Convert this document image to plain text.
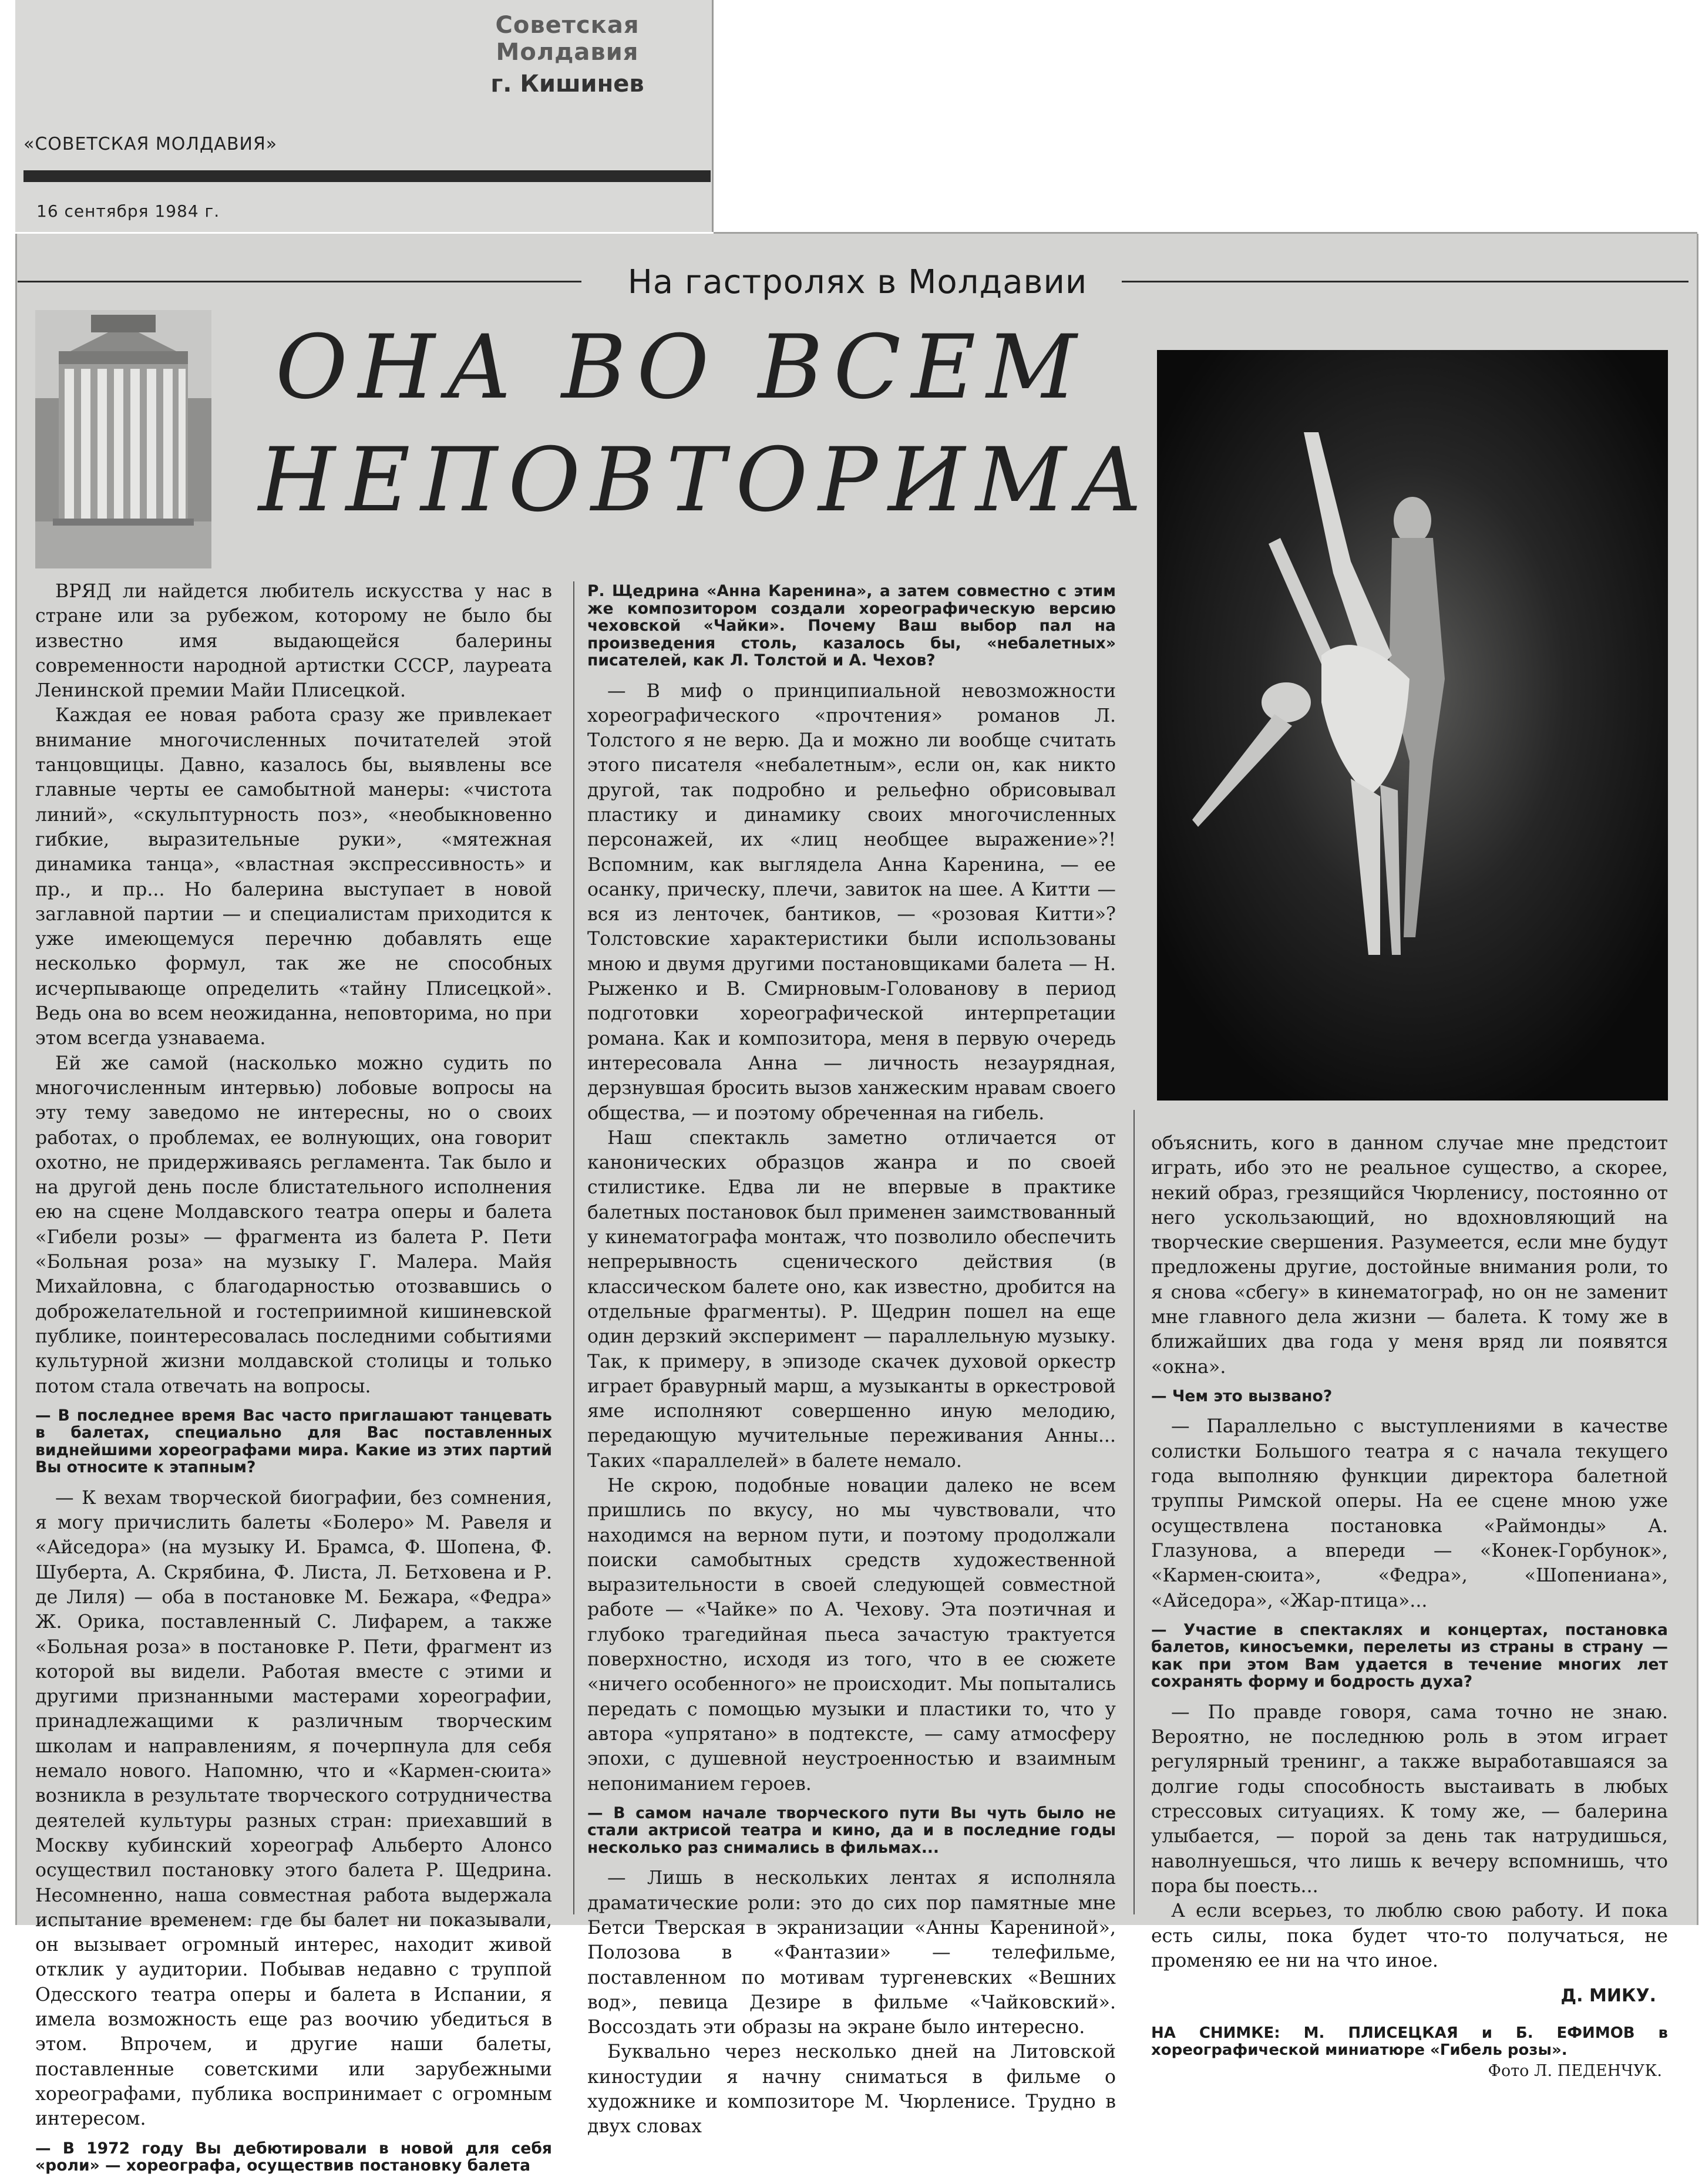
Советская Молдавия
г. Кишинев
«СОВЕТСКАЯ МОЛДАВИЯ»
16 сентября 1984 г.
На гастролях в Молдавии
ОНА ВО ВСЕМ
НЕПОВТОРИМА

ВРЯД ли найдется любитель искусства у нас в стране или за рубежом, которому не было бы известно имя выдающейся балерины современности народной артистки СССР, лауреата Ленинской премии Майи Плисецкой.

Каждая ее новая работа сразу же привлекает внимание многочисленных почитателей этой танцовщицы. Давно, казалось бы, выявлены все главные черты ее самобытной манеры: «чистота линий», «скульптурность поз», «необыкновенно гибкие, выразительные руки», «мятежная динамика танца», «властная экспрессивность» и пр., и пр... Но балерина выступает в новой заглавной партии — и специалистам приходится к уже имеющемуся перечню добавлять еще несколько формул, так же не способных исчерпывающе определить «тайну Плисецкой». Ведь она во всем неожиданна, неповторима, но при этом всегда узнаваема.

Ей же самой (насколько можно судить по многочисленным интервью) лобовые вопросы на эту тему заведомо не интересны, но о своих работах, о проблемах, ее волнующих, она говорит охотно, не придерживаясь регламента. Так было и на другой день после блистательного исполнения ею на сцене Молдавского театра оперы и балета «Гибели розы» — фрагмента из балета Р. Пети «Больная роза» на музыку Г. Малера. Майя Михайловна, с благодарностью отозвавшись о доброжелательной и гостеприимной кишиневской публике, поинтересовалась последними событиями культурной жизни молдавской столицы и только потом стала отвечать на вопросы.

— В последнее время Вас часто приглашают танцевать в балетах, специально для Вас поставленных виднейшими хореографами мира. Какие из этих партий Вы относите к этапным?

— К вехам творческой биографии, без сомнения, я могу причислить балеты «Болеро» М. Равеля и «Айседора» (на музыку И. Брамса, Ф. Шопена, Ф. Шуберта, А. Скрябина, Ф. Листа, Л. Бетховена и Р. де Лиля) — оба в постановке М. Бежара, «Федра» Ж. Орика, поставленный С. Лифарем, а также «Больная роза» в постановке Р. Пети, фрагмент из которой вы видели. Работая вместе с этими и другими признанными мастерами хореографии, принадлежащими к различным творческим школам и направлениям, я почерпнула для себя немало нового. Напомню, что и «Кармен-сюита» возникла в результате творческого сотрудничества деятелей культуры разных стран: приехавший в Москву кубинский хореограф Альберто Алонсо осуществил постановку этого балета Р. Щедрина. Несомненно, наша совместная работа выдержала испытание временем: где бы балет ни показывали, он вызывает огромный интерес, находит живой отклик у аудитории. Побывав недавно с труппой Одесского театра оперы и балета в Испании, я имела возможность еще раз воочию убедиться в этом. Впрочем, и другие наши балеты, поставленные советскими или зарубежными хореографами, публика воспринимает с огромным интересом.

— В 1972 году Вы дебютировали в новой для себя «роли» — хореографа, осуществив постановку балета

Р. Щедрина «Анна Каренина», а затем совместно с этим же композитором создали хореографическую версию чеховской «Чайки». Почему Ваш выбор пал на произведения столь, казалось бы, «небалетных» писателей, как Л. Толстой и А. Чехов?

— В миф о принципиальной невозможности хореографического «прочтения» романов Л. Толстого я не верю. Да и можно ли вообще считать этого писателя «небалетным», если он, как никто другой, так подробно и рельефно обрисовывал пластику и динамику своих многочисленных персонажей, их «лиц необщее выражение»?! Вспомним, как выглядела Анна Каренина, — ее осанку, прическу, плечи, завиток на шее. А Китти — вся из ленточек, бантиков, — «розовая Китти»? Толстовские характеристики были использованы мною и двумя другими постановщиками балета — Н. Рыженко и В. Смирновым-Голованову в период подготовки хореографической интерпретации романа. Как и композитора, меня в первую очередь интересовала Анна — личность незаурядная, дерзнувшая бросить вызов ханжеским нравам своего общества, — и поэтому обреченная на гибель.

Наш спектакль заметно отличается от канонических образцов жанра и по своей стилистике. Едва ли не впервые в практике балетных постановок был применен заимствованный у кинематографа монтаж, что позволило обеспечить непрерывность сценического действия (в классическом балете оно, как известно, дробится на отдельные фрагменты). Р. Щедрин пошел на еще один дерзкий эксперимент — параллельную музыку. Так, к примеру, в эпизоде скачек духовой оркестр играет бравурный марш, а музыканты в оркестровой яме исполняют совершенно иную мелодию, передающую мучительные переживания Анны... Таких «параллелей» в балете немало.

Не скрою, подобные новации далеко не всем пришлись по вкусу, но мы чувствовали, что находимся на верном пути, и поэтому продолжали поиски самобытных средств художественной выразительности в своей следующей совместной работе — «Чайке» по А. Чехову. Эта поэтичная и глубоко трагедийная пьеса зачастую трактуется поверхностно, исходя из того, что в ее сюжете «ничего особенного» не происходит. Мы попытались передать с помощью музыки и пластики то, что у автора «упрятано» в подтексте, — саму атмосферу эпохи, с душевной неустроенностью и взаимным непониманием героев.

— В самом начале творческого пути Вы чуть было не стали актрисой театра и кино, да и в последние годы несколько раз снимались в фильмах...

— Лишь в нескольких лентах я исполняла драматические роли: это до сих пор памятные мне Бетси Тверская в экранизации «Анны Карениной», Полозова в «Фантазии» — телефильме, поставленном по мотивам тургеневских «Вешних вод», певица Дезире в фильме «Чайковский». Воссоздать эти образы на экране было интересно.

Буквально через несколько дней на Литовской киностудии я начну сниматься в фильме о художнике и композиторе М. Чюрленисе. Трудно в двух словах

объяснить, кого в данном случае мне предстоит играть, ибо это не реальное существо, а скорее, некий образ, грезящийся Чюрленису, постоянно от него ускользающий, но вдохновляющий на творческие свершения. Разумеется, если мне будут предложены другие, достойные внимания роли, то я снова «сбегу» в кинематограф, но он не заменит мне главного дела жизни — балета. К тому же в ближайших два года у меня вряд ли появятся «окна».

— Чем это вызвано?

— Параллельно с выступлениями в качестве солистки Большого театра я с начала текущего года выполняю функции директора балетной труппы Римской оперы. На ее сцене мною уже осуществлена постановка «Раймонды» А. Глазунова, а впереди — «Конек-Горбунок», «Кармен-сюита», «Федра», «Шопениана», «Айседора», «Жар-птица»...

— Участие в спектаклях и концертах, постановка балетов, киносъемки, перелеты из страны в страну — как при этом Вам удается в течение многих лет сохранять форму и бодрость духа?

— По правде говоря, сама точно не знаю. Вероятно, не последнюю роль в этом играет регулярный тренинг, а также выработавшаяся за долгие годы способность выстаивать в любых стрессовых ситуациях. К тому же, — балерина улыбается, — порой за день так натрудишься, наволнуешься, что лишь к вечеру вспомнишь, что пора бы поесть...

А если всерьез, то люблю свою работу. И пока есть силы, пока будет что-то получаться, не променяю ее ни на что иное.

Д. МИКУ.

НА СНИМКЕ: М. ПЛИСЕЦКАЯ и Б. ЕФИМОВ в хореографической миниатюре «Гибель розы».

Фото Л. ПЕДЕНЧУК.
